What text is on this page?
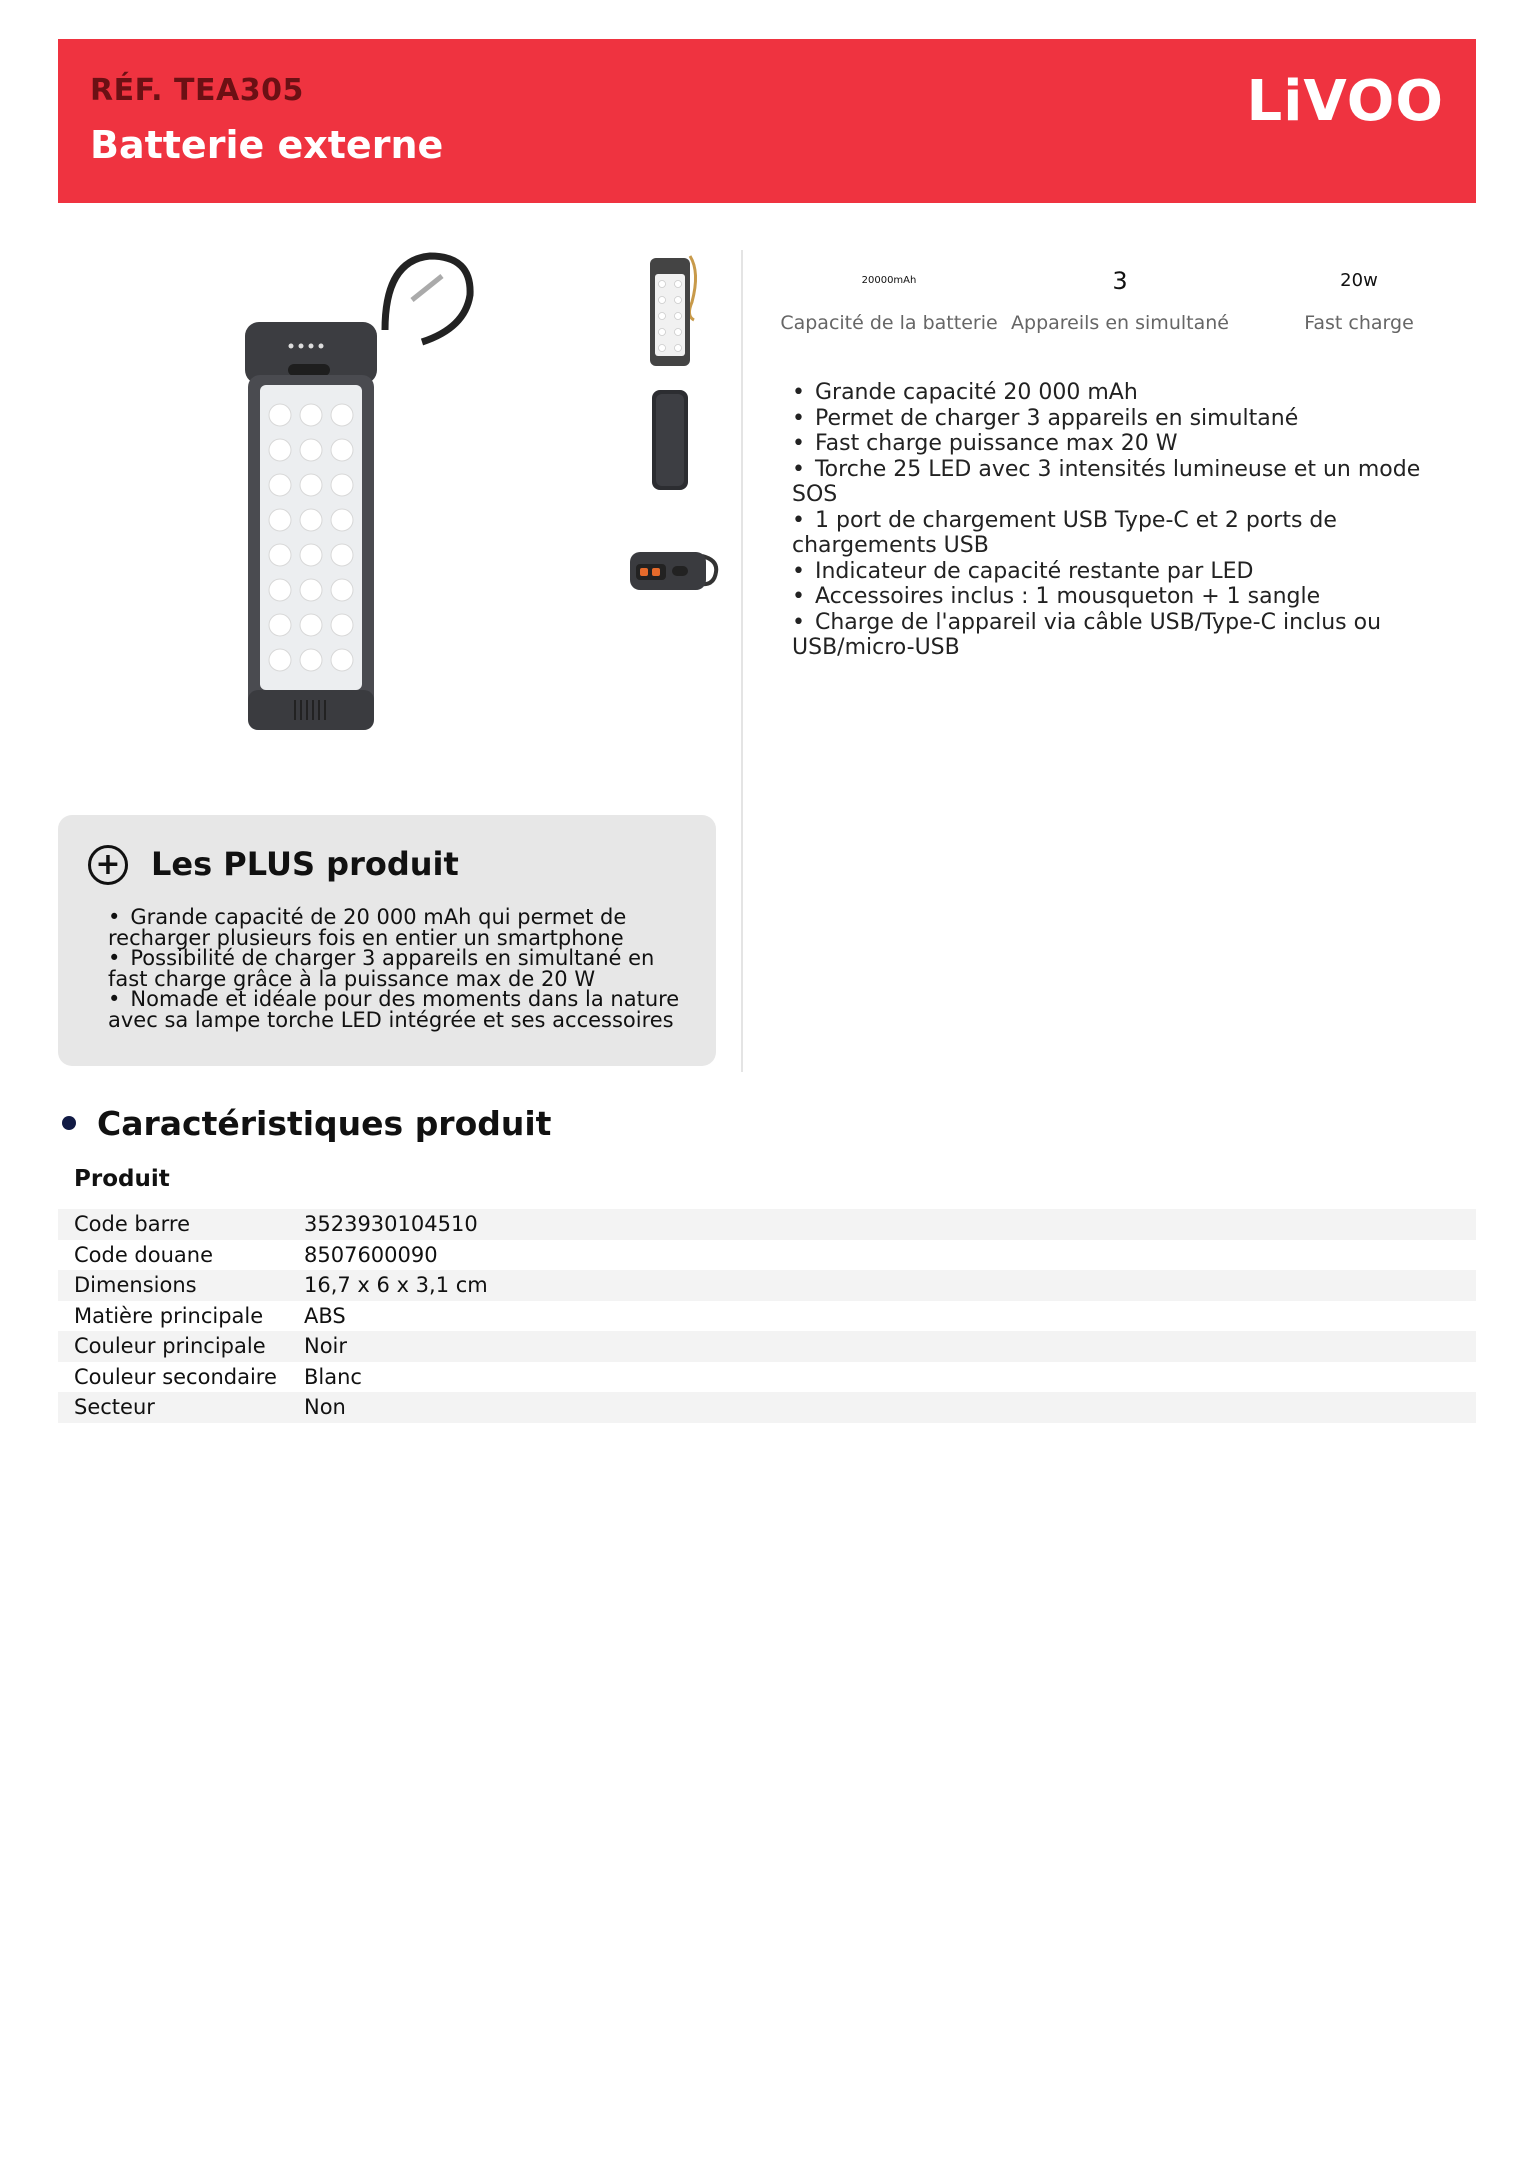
RÉF. TEA305
Batterie externe
LiVOO
20000mAh
Capacité de la batterie
3
Appareils en simultané
20w
Fast charge
• Grande capacité 20 000 mAh
• Permet de charger 3 appareils en simultané
• Fast charge puissance max 20 W
• Torche 25 LED avec 3 intensités lumineuse et un mode SOS
• 1 port de chargement USB Type-C et 2 ports de chargements USB
• Indicateur de capacité restante par LED
• Accessoires inclus : 1 mousqueton + 1 sangle
• Charge de l'appareil via câble USB/Type-C inclus ou USB/micro-USB
+ Les PLUS produit
• Grande capacité de 20 000 mAh qui permet de recharger plusieurs fois en entier un smartphone
• Possibilité de charger 3 appareils en simultané en fast charge grâce à la puissance max de 20 W
• Nomade et idéale pour des moments dans la nature avec sa lampe torche LED intégrée et ses accessoires
Caractéristiques produit
Produit
Code barre	3523930104510
Code douane	8507600090
Dimensions	16,7 x 6 x 3,1 cm
Matière principale	ABS
Couleur principale	Noir
Couleur secondaire	Blanc
Secteur	Non
